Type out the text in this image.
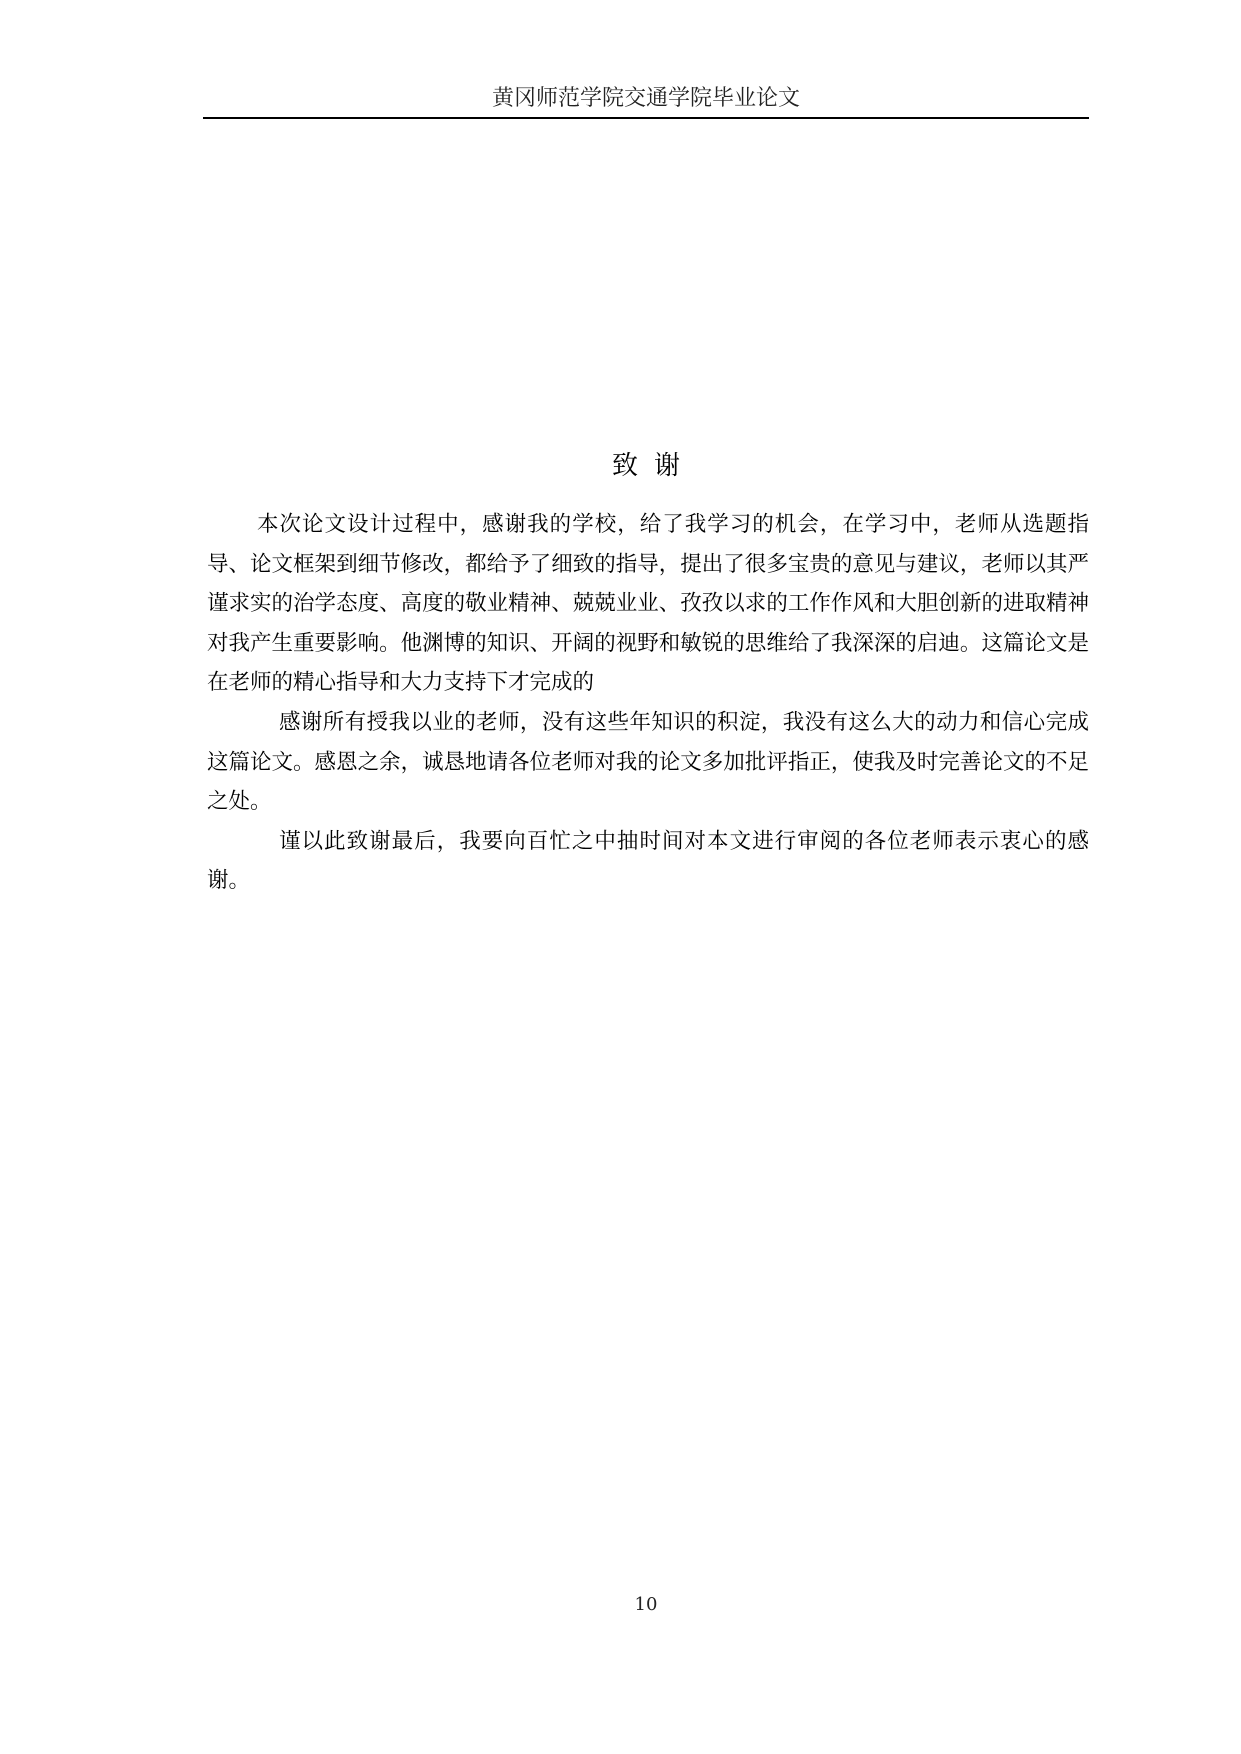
黄冈师范学院交通学院毕业论文
致谢

本次论文设计过程中，感谢我的学校，给了我学习的机会，在学习中，老师从选题指导、论文框架到细节修改，都给予了细致的指导，提出了很多宝贵的意见与建议，老师以其严谨求实的治学态度、高度的敬业精神、兢兢业业、孜孜以求的工作作风和大胆创新的进取精神对我产生重要影响。他渊博的知识、开阔的视野和敏锐的思维给了我深深的启迪。这篇论文是在老师的精心指导和大力支持下才完成的

感谢所有授我以业的老师，没有这些年知识的积淀，我没有这么大的动力和信心完成这篇论文。感恩之余，诚恳地请各位老师对我的论文多加批评指正，使我及时完善论文的不足之处。

谨以此致谢最后，我要向百忙之中抽时间对本文进行审阅的各位老师表示衷心的感谢。

10
